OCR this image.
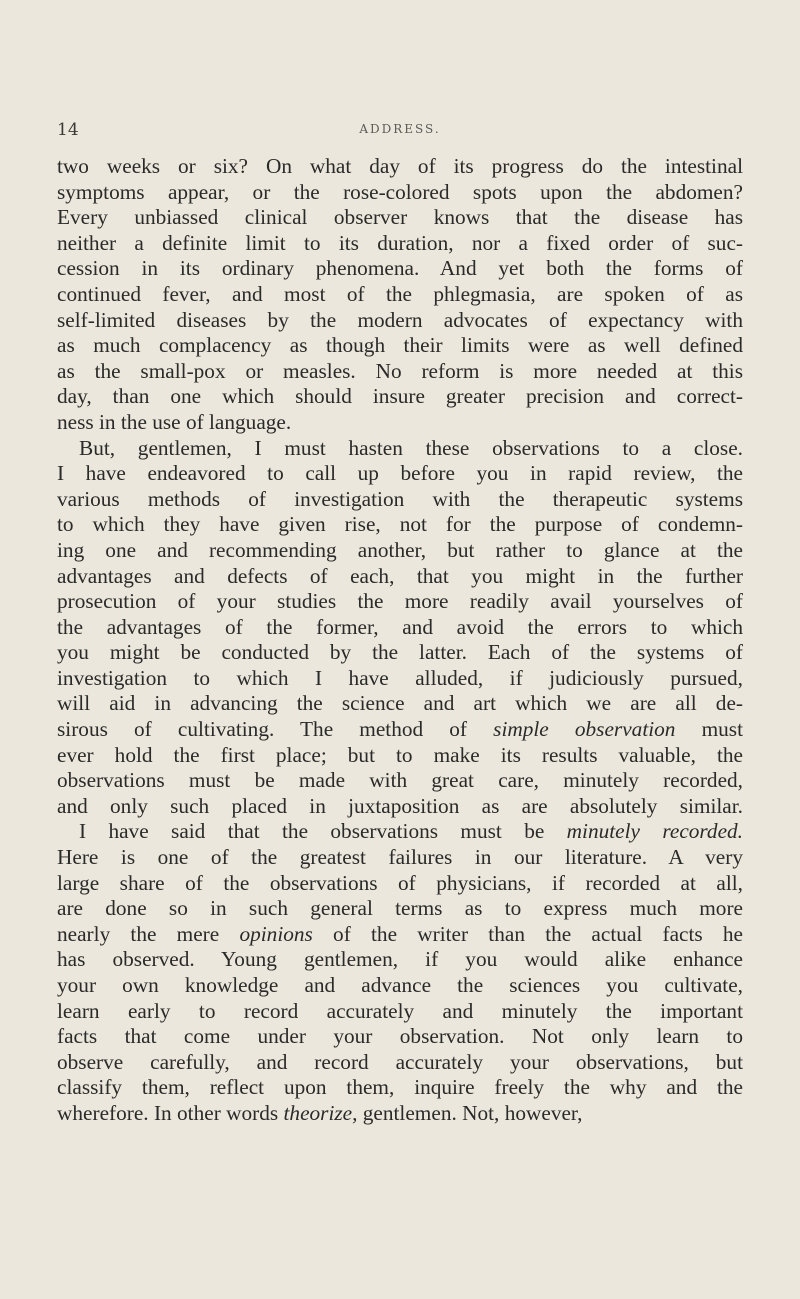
14	ADDRESS.
two weeks or six? On what day of its progress do the intestinal
symptoms appear, or the rose-colored spots upon the abdomen?
Every unbiassed clinical observer knows that the disease has
neither a definite limit to its duration, nor a fixed order of suc-
cession in its ordinary phenomena. And yet both the forms of
continued fever, and most of the phlegmasia, are spoken of as
self-limited diseases by the modern advocates of expectancy with
as much complacency as though their limits were as well defined
as the small-pox or measles. No reform is more needed at this
day, than one which should insure greater precision and correct-
ness in the use of language.
But, gentlemen, I must hasten these observations to a close.
I have endeavored to call up before you in rapid review, the
various methods of investigation with the therapeutic systems
to which they have given rise, not for the purpose of condemn-
ing one and recommending another, but rather to glance at the
advantages and defects of each, that you might in the further
prosecution of your studies the more readily avail yourselves of
the advantages of the former, and avoid the errors to which
you might be conducted by the latter. Each of the systems of
investigation to which I have alluded, if judiciously pursued,
will aid in advancing the science and art which we are all de-
sirous of cultivating. The method of simple observation must
ever hold the first place; but to make its results valuable, the
observations must be made with great care, minutely recorded,
and only such placed in juxtaposition as are absolutely similar.
I have said that the observations must be minutely recorded.
Here is one of the greatest failures in our literature. A very
large share of the observations of physicians, if recorded at all,
are done so in such general terms as to express much more
nearly the mere opinions of the writer than the actual facts he
has observed. Young gentlemen, if you would alike enhance
your own knowledge and advance the sciences you cultivate,
learn early to record accurately and minutely the important
facts that come under your observation. Not only learn to
observe carefully, and record accurately your observations, but
classify them, reflect upon them, inquire freely the why and the
wherefore. In other words theorize, gentlemen. Not, however,
